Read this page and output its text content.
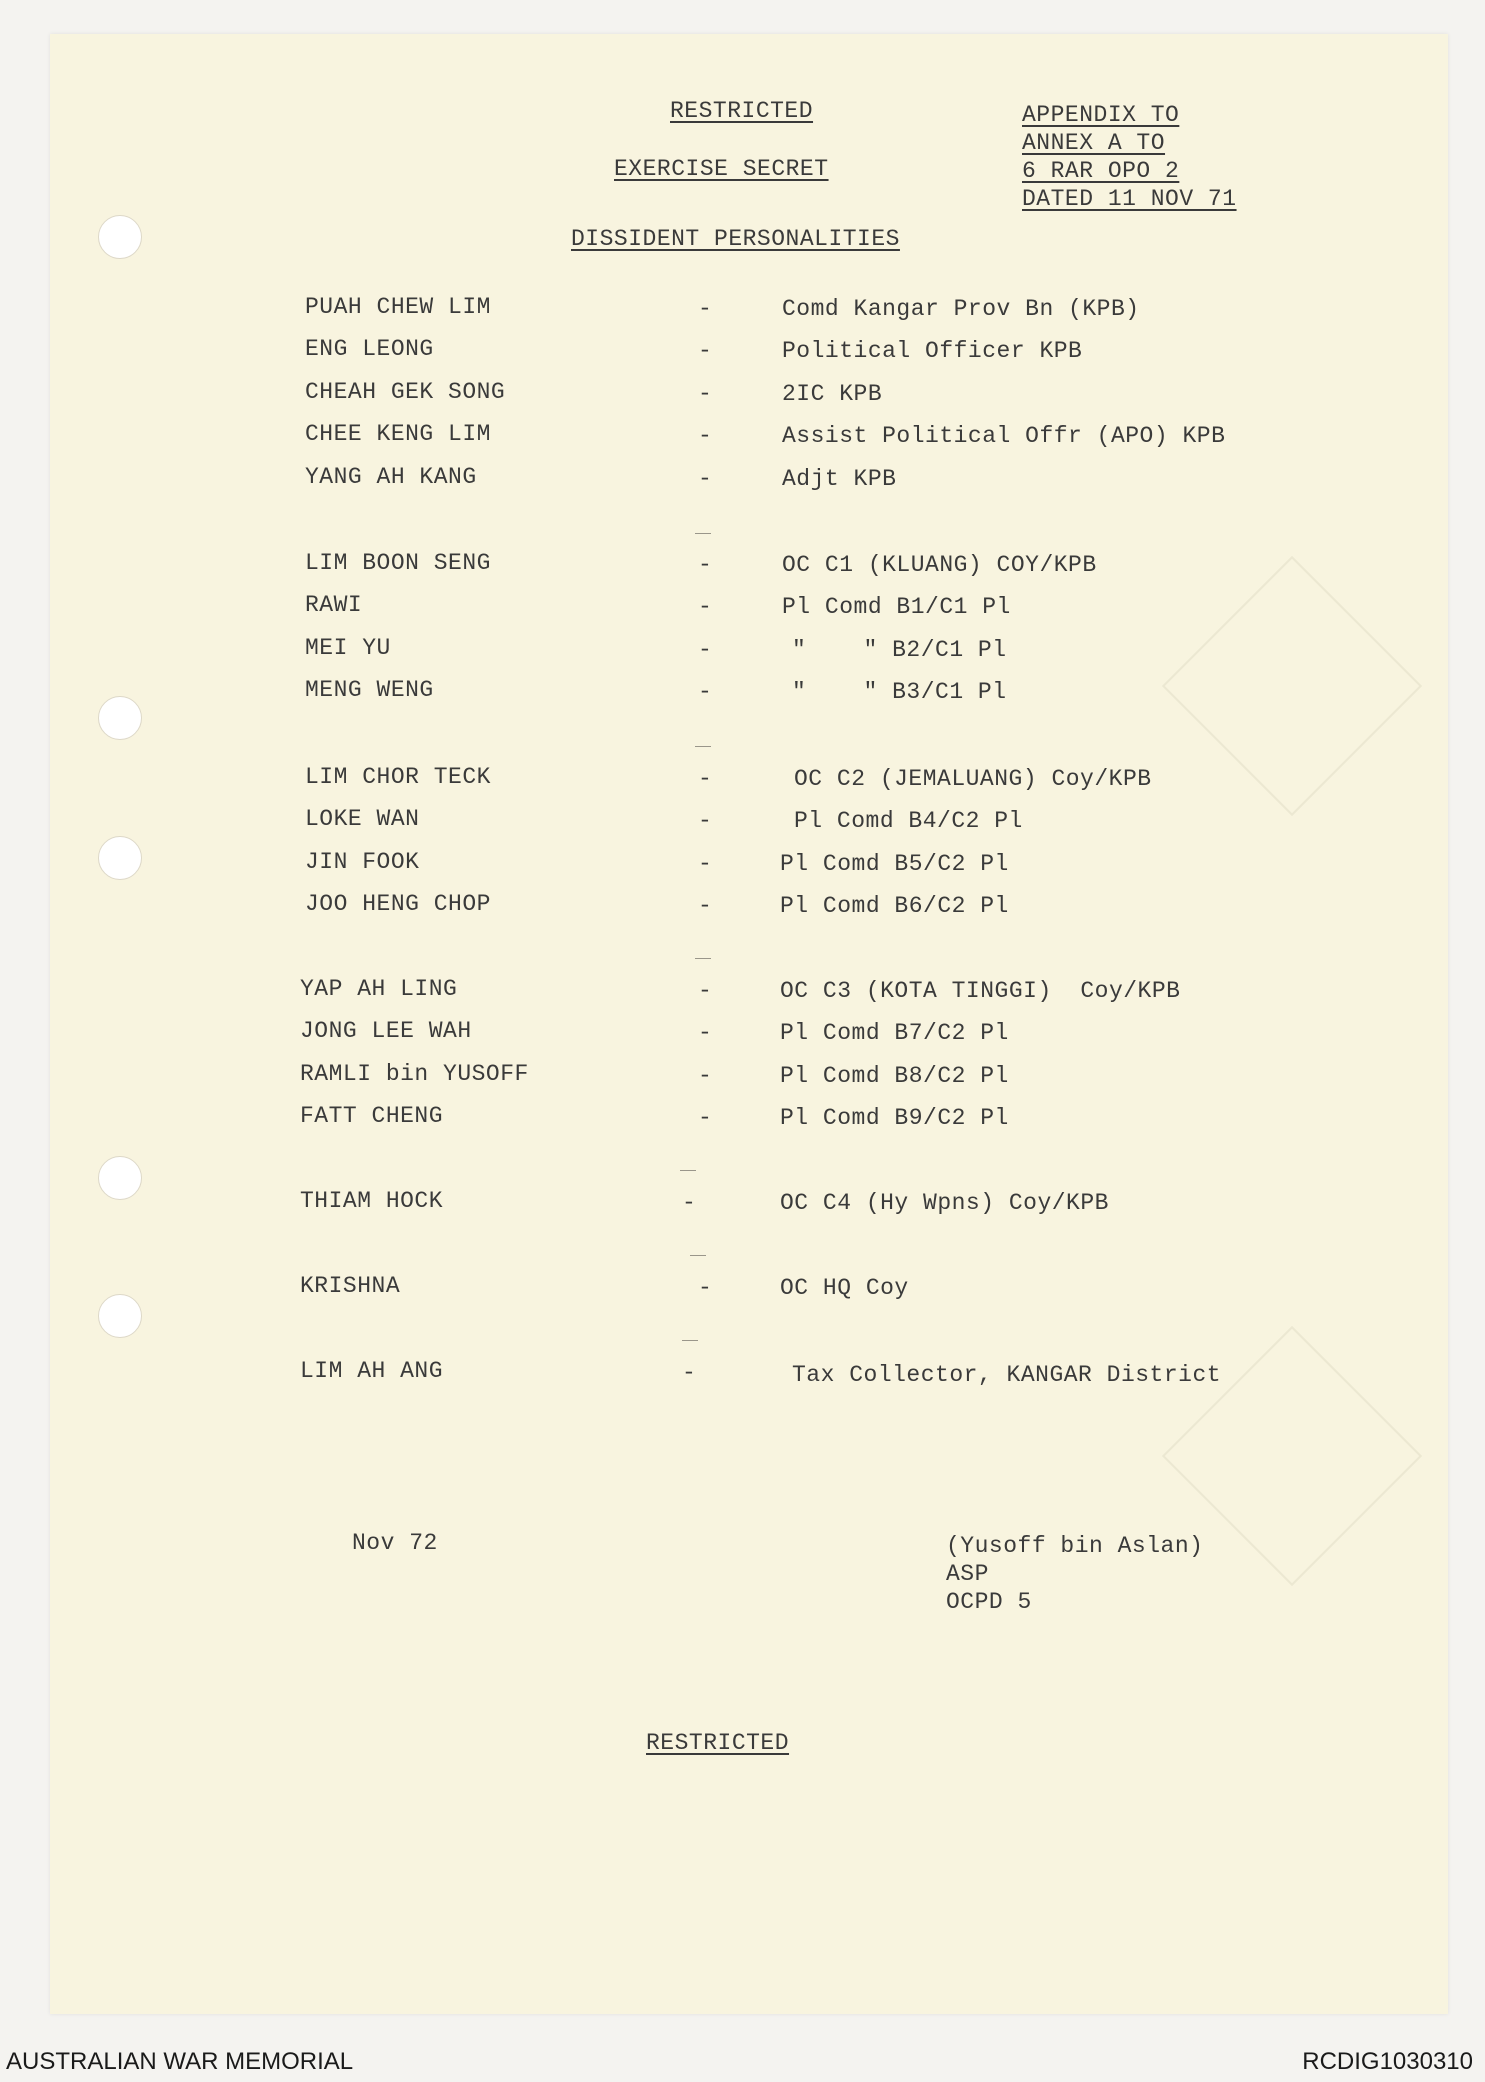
RESTRICTED
EXERCISE SECRET
APPENDIX TO
ANNEX A TO
6 RAR OPO 2
DATED 11 NOV 71
DISSIDENT PERSONALITIES
PUAH CHEW LIM	-	Comd Kangar Prov Bn (KPB)
ENG LEONG	-	Political Officer KPB
CHEAH GEK SONG	-	2IC KPB
CHEE KENG LIM	-	Assist Political Offr (APO) KPB
YANG AH KANG	-	Adjt KPB
LIM BOON SENG	-	OC C1 (KLUANG) COY/KPB
RAWI	-	Pl Comd B1/C1 Pl
MEI YU	-	"    " B2/C1 Pl
MENG WENG	-	"    " B3/C1 Pl
LIM CHOR TECK	-	OC C2 (JEMALUANG) Coy/KPB
LOKE WAN	-	Pl Comd B4/C2 Pl
JIN FOOK	-	Pl Comd B5/C2 Pl
JOO HENG CHOP	-	Pl Comd B6/C2 Pl
YAP AH LING	-	OC C3 (KOTA TINGGI)  Coy/KPB
JONG LEE WAH	-	Pl Comd B7/C2 Pl
RAMLI bin YUSOFF	-	Pl Comd B8/C2 Pl
FATT CHENG	-	Pl Comd B9/C2 Pl
THIAM HOCK	-	OC C4 (Hy Wpns) Coy/KPB
KRISHNA	-	OC HQ Coy
LIM AH ANG	-	Tax Collector, KANGAR District
Nov 72	(Yusoff bin Aslan)
ASP
OCPD 5
RESTRICTED
AUSTRALIAN WAR MEMORIAL	RCDIG1030310
